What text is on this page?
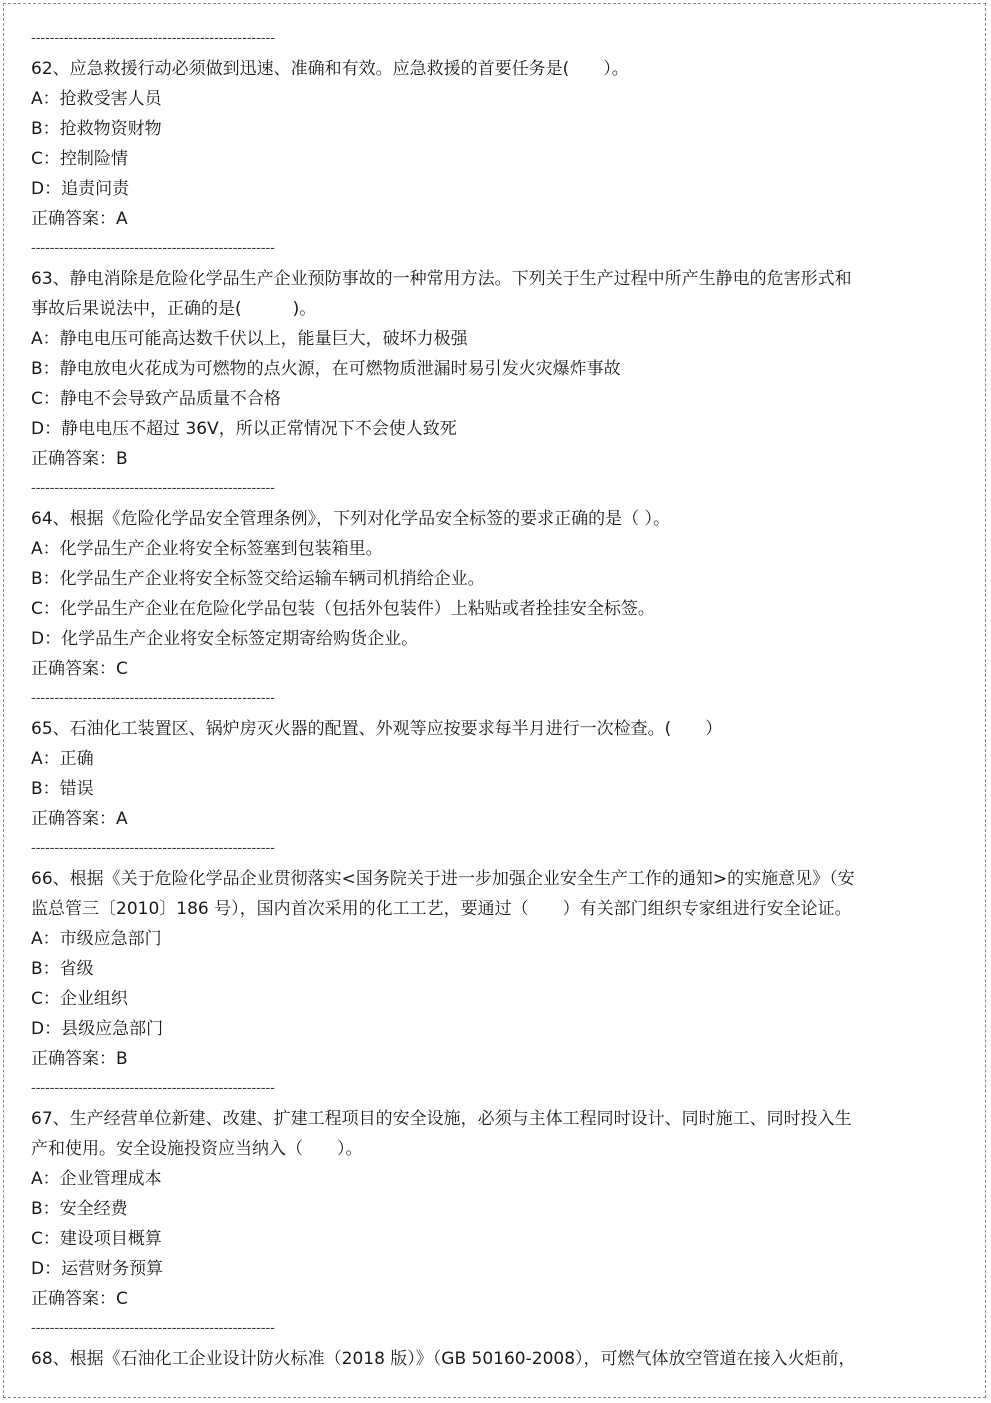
----------------------------------------------------
62、应急救援行动必须做到迅速、准确和有效。应急救援的首要任务是(　　）。
A：抢救受害人员
B：抢救物资财物
C：控制险情
D：追责问责
正确答案：A
----------------------------------------------------
63、静电消除是危险化学品生产企业预防事故的一种常用方法。下列关于生产过程中所产生静电的危害形式和
事故后果说法中，正确的是(　　　)。
A：静电电压可能高达数千伏以上，能量巨大，破坏力极强
B：静电放电火花成为可燃物的点火源，在可燃物质泄漏时易引发火灾爆炸事故
C：静电不会导致产品质量不合格
D：静电电压不超过 36V，所以正常情况下不会使人致死
正确答案：B
----------------------------------------------------
64、根据《危险化学品安全管理条例》，下列对化学品安全标签的要求正确的是（ ）。
A：化学品生产企业将安全标签塞到包装箱里。
B：化学品生产企业将安全标签交给运输车辆司机捎给企业。
C：化学品生产企业在危险化学品包装（包括外包装件）上粘贴或者拴挂安全标签。
D：化学品生产企业将安全标签定期寄给购货企业。
正确答案：C
----------------------------------------------------
65、石油化工装置区、锅炉房灭火器的配置、外观等应按要求每半月进行一次检查。(　　）
A：正确
B：错误
正确答案：A
----------------------------------------------------
66、根据《关于危险化学品企业贯彻落实<国务院关于进一步加强企业安全生产工作的通知>的实施意见》（安
监总管三〔2010〕186 号），国内首次采用的化工工艺，要通过（　　）有关部门组织专家组进行安全论证。
A：市级应急部门
B：省级
C：企业组织
D：县级应急部门
正确答案：B
----------------------------------------------------
67、生产经营单位新建、改建、扩建工程项目的安全设施，必须与主体工程同时设计、同时施工、同时投入生
产和使用。安全设施投资应当纳入（　　）。
A：企业管理成本
B：安全经费
C：建设项目概算
D：运营财务预算
正确答案：C
----------------------------------------------------
68、根据《石油化工企业设计防火标准（2018 版）》（GB 50160-2008），可燃气体放空管道在接入火炬前，
